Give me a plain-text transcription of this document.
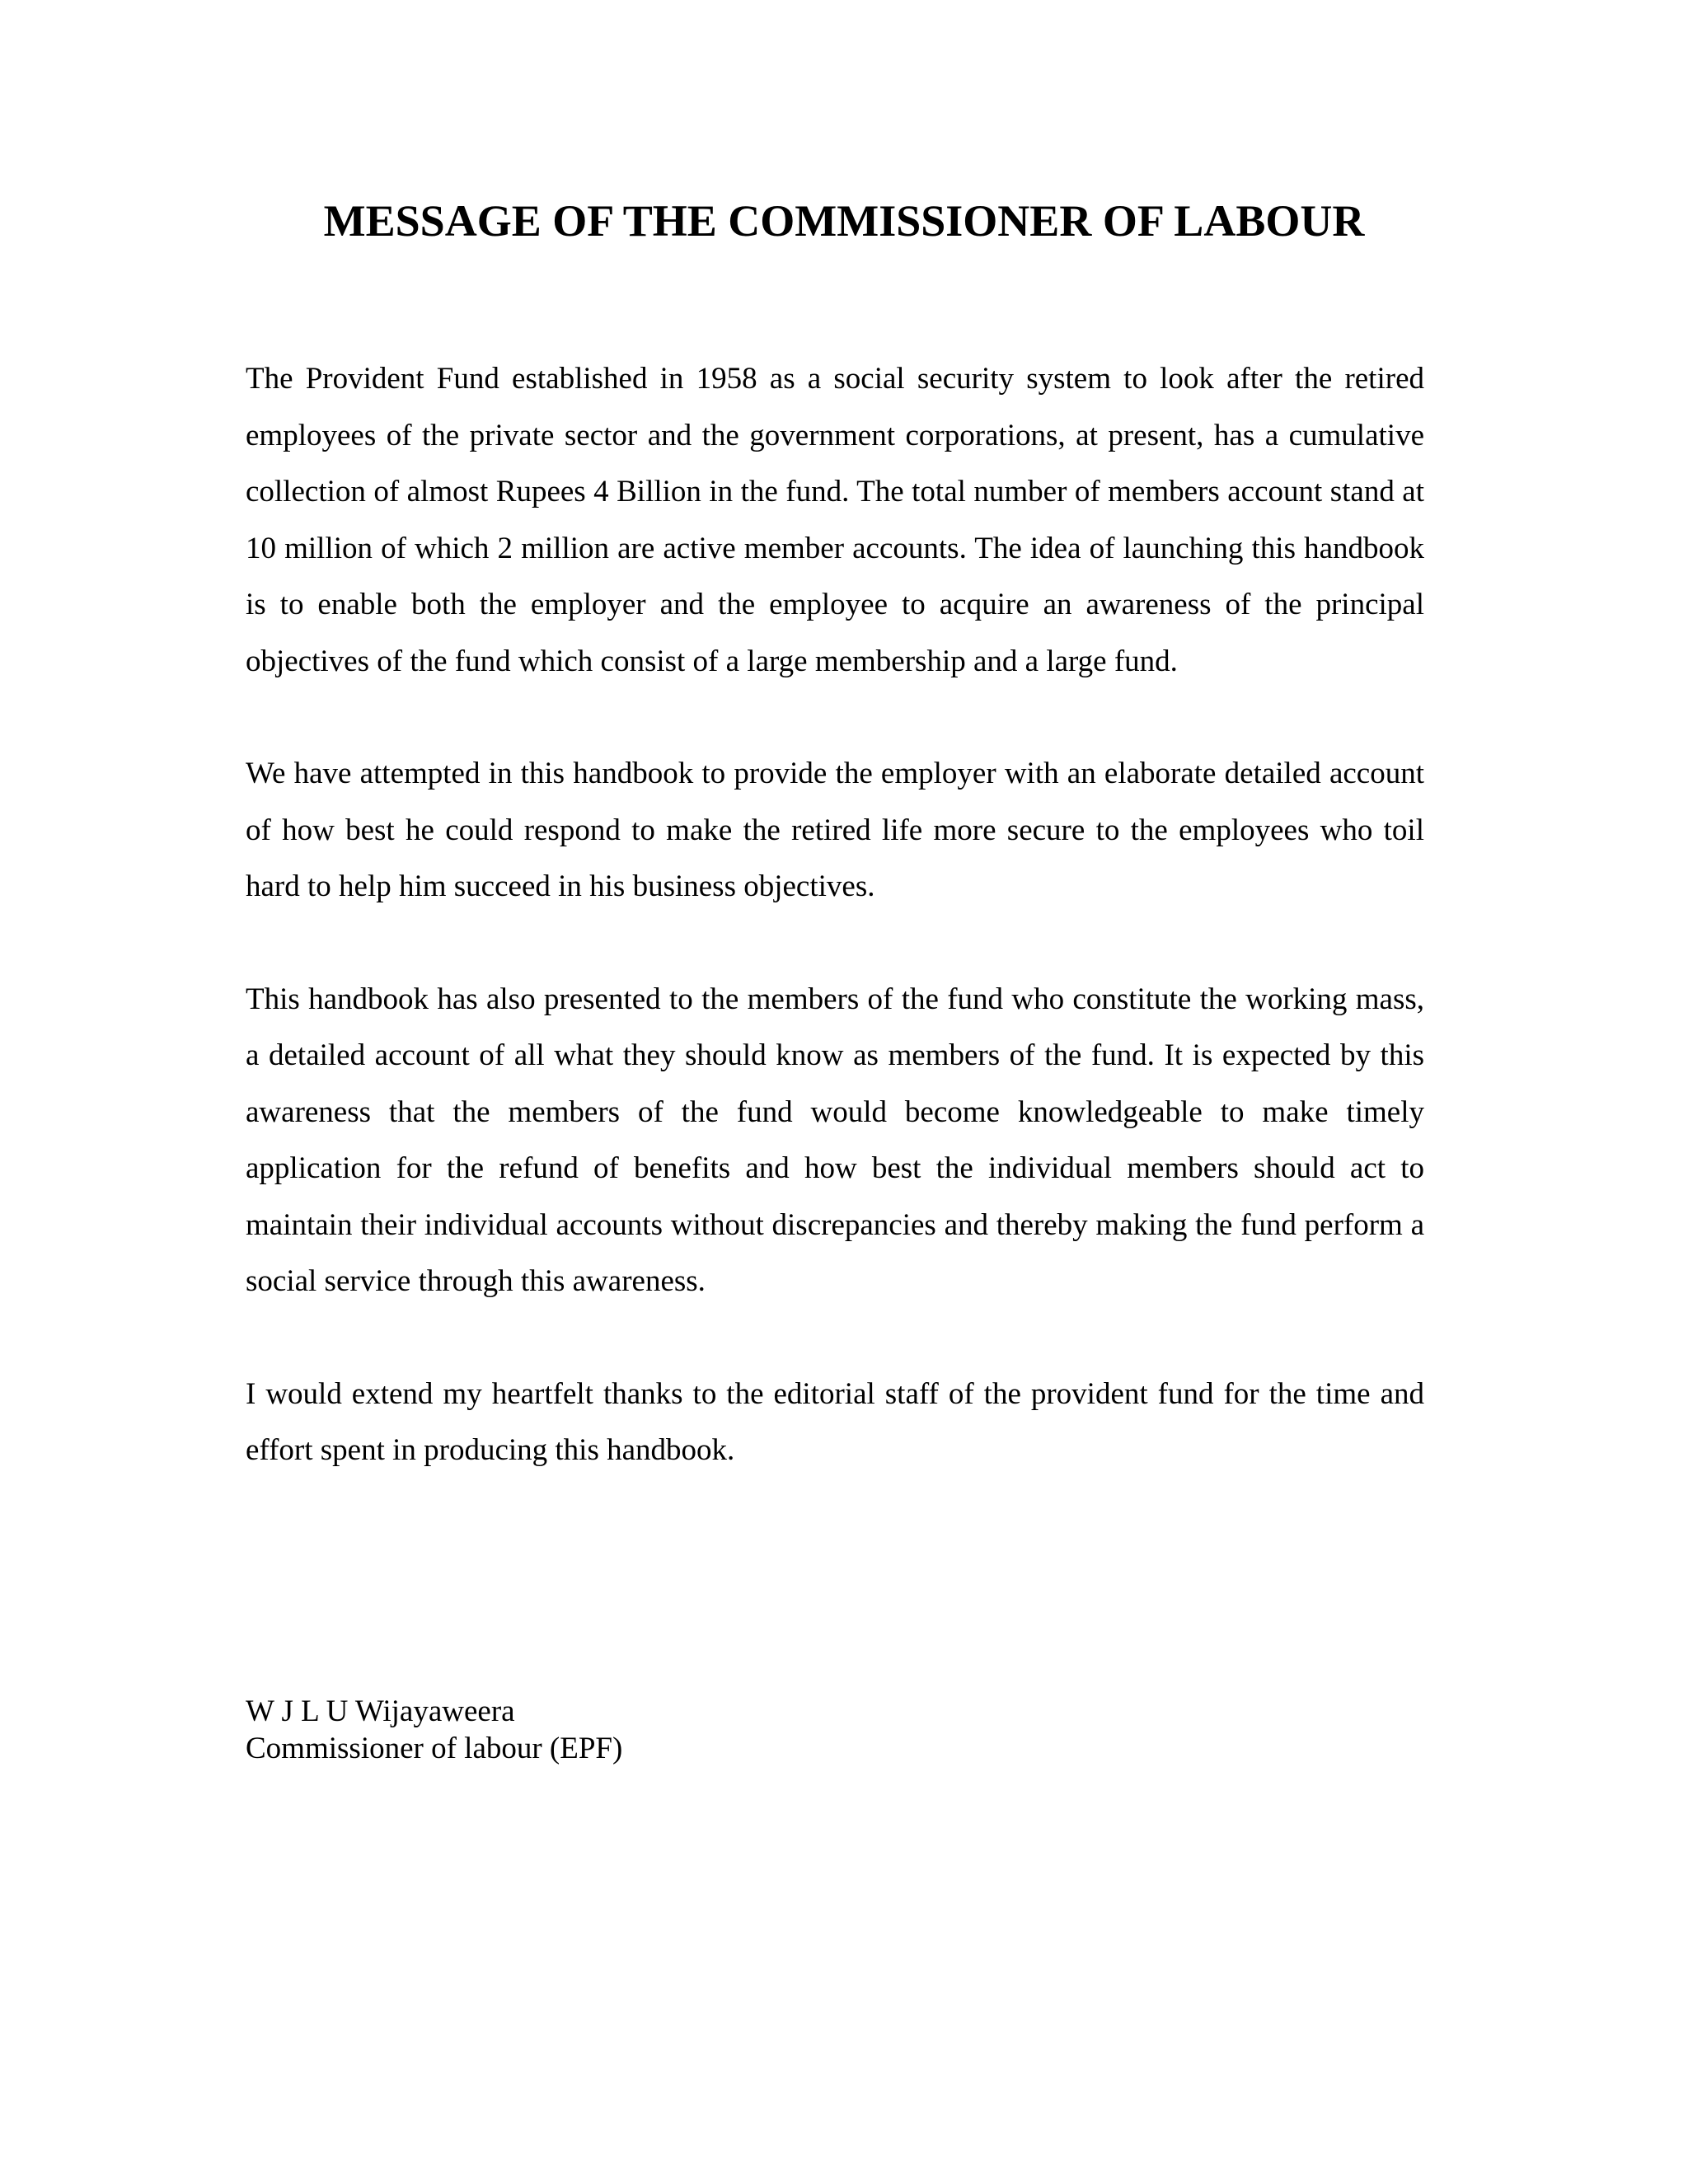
MESSAGE OF THE COMMISSIONER OF LABOUR

The Provident Fund established in 1958 as a social security system to look after the retired employees of the private sector and the government corporations, at present, has a cumulative collection of almost Rupees 4 Billion in the fund. The total number of members account stand at 10 million of which 2 million are active member accounts. The idea of launching this handbook is to enable both the employer and the employee to acquire an awareness of the principal objectives of the fund which consist of a large membership and a large fund.

We have attempted in this handbook to provide the employer with an elaborate detailed account of how best he could respond to make the retired life more secure to the employees who toil hard to help him succeed in his business objectives.

This handbook has also presented to the members of the fund who constitute the working mass, a detailed account of all what they should know as members of the fund. It is expected by this awareness that the members of the fund would become knowledgeable to make timely application for the refund of benefits and how best the individual members should act to maintain their individual accounts without discrepancies and thereby making the fund perform a social service through this awareness.

I would extend my heartfelt thanks to the editorial staff of the provident fund for the time and effort spent in producing this handbook.

W J L U Wijayaweera
Commissioner of labour (EPF)
